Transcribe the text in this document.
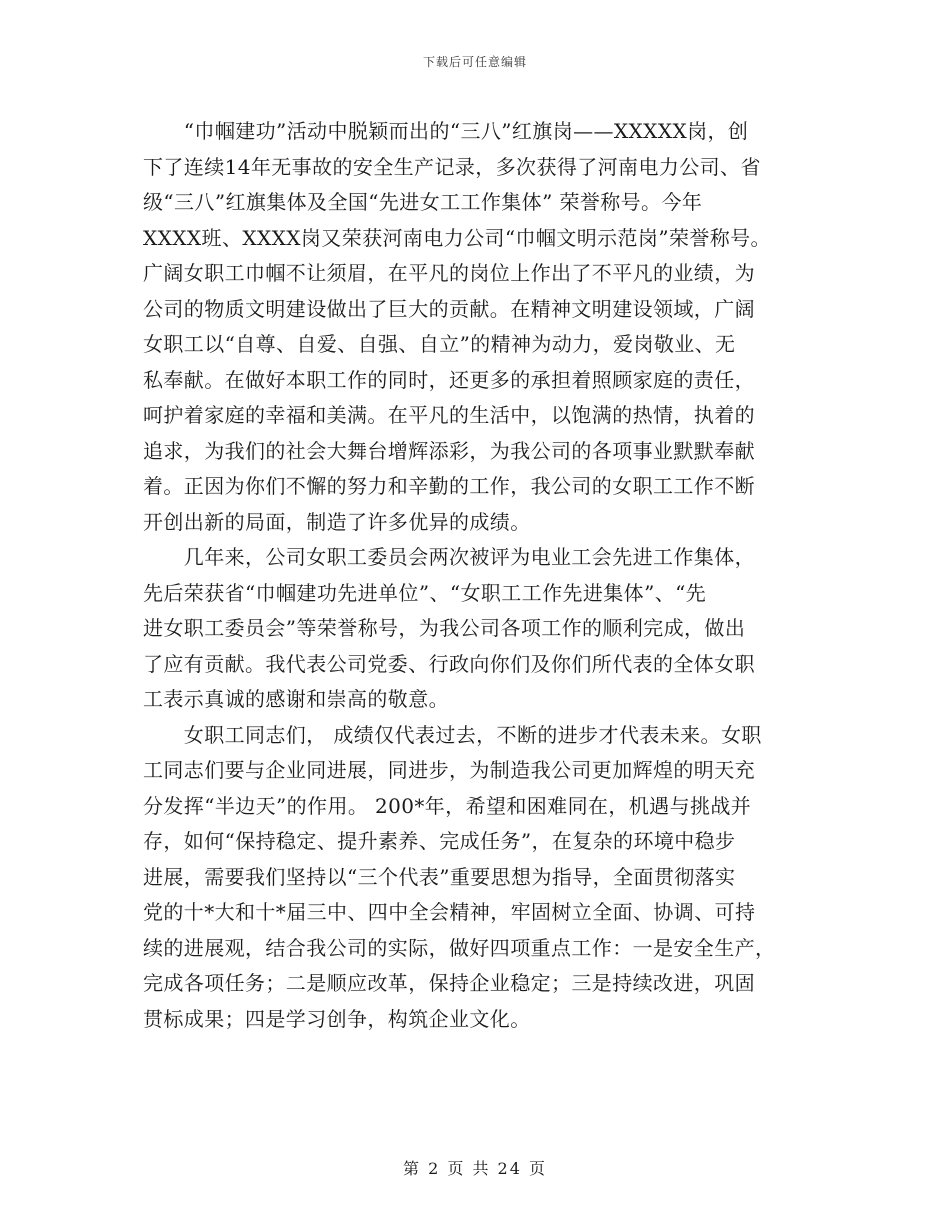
下载后可任意编辑
　　“巾帼建功”活动中脱颖而出的“三八”红旗岗——XXXXX岗，创
下了连续14年无事故的安全生产记录，多次获得了河南电力公司、省
级“三八”红旗集体及全国“先进女工工作集体” 荣誉称号。今年
XXXX班、XXXX岗又荣获河南电力公司“巾帼文明示范岗”荣誉称号。
广阔女职工巾帼不让须眉，在平凡的岗位上作出了不平凡的业绩，为
公司的物质文明建设做出了巨大的贡献。在精神文明建设领域，广阔
女职工以“自尊、自爱、自强、自立”的精神为动力，爱岗敬业、无
私奉献。在做好本职工作的同时，还更多的承担着照顾家庭的责任，
呵护着家庭的幸福和美满。在平凡的生活中，以饱满的热情，执着的
追求，为我们的社会大舞台增辉添彩，为我公司的各项事业默默奉献
着。正因为你们不懈的努力和辛勤的工作，我公司的女职工工作不断
开创出新的局面，制造了许多优异的成绩。
　　几年来，公司女职工委员会两次被评为电业工会先进工作集体，
先后荣获省“巾帼建功先进单位”、“女职工工作先进集体”、“先
进女职工委员会”等荣誉称号，为我公司各项工作的顺利完成，做出
了应有贡献。我代表公司党委、行政向你们及你们所代表的全体女职
工表示真诚的感谢和崇高的敬意。
　　女职工同志们， 成绩仅代表过去，不断的进步才代表未来。女职
工同志们要与企业同进展，同进步，为制造我公司更加辉煌的明天充
分发挥“半边天”的作用。 200*年，希望和困难同在，机遇与挑战并
存，如何“保持稳定、提升素养、完成任务”，在复杂的环境中稳步
进展，需要我们坚持以“三个代表”重要思想为指导，全面贯彻落实
党的十*大和十*届三中、四中全会精神，牢固树立全面、协调、可持
续的进展观，结合我公司的实际，做好四项重点工作：一是安全生产，
完成各项任务；二是顺应改革，保持企业稳定；三是持续改进，巩固
贯标成果；四是学习创争，构筑企业文化。
第 2 页 共 24 页
